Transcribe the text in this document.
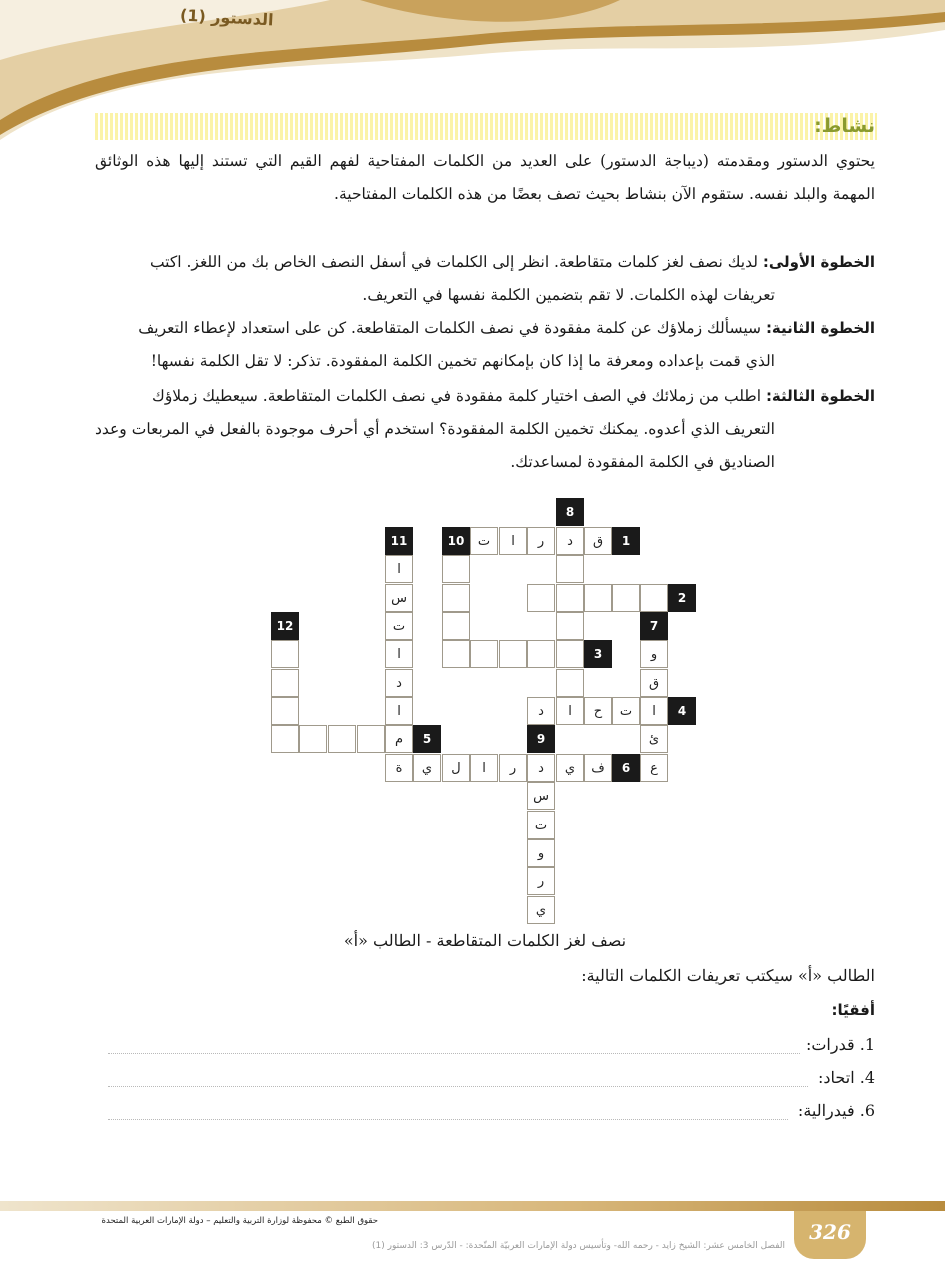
الدستور (1)
نشاط:
يحتوي الدستور ومقدمته (ديباجة الدستور) على العديد من الكلمات المفتاحية لفهم القيم التي تستند إليها هذه الوثائق المهمة والبلد نفسه. ستقوم الآن بنشاط بحيث تصف بعضًا من هذه الكلمات المفتاحية.
الخطوة الأولى: لديك نصف لغز كلمات متقاطعة. انظر إلى الكلمات في أسفل النصف الخاص بك من اللغز. اكتب
تعريفات لهذه الكلمات. لا تقم بتضمين الكلمة نفسها في التعريف.
الخطوة الثانية: سيسألك زملاؤك عن كلمة مفقودة في نصف الكلمات المتقاطعة. كن على استعداد لإعطاء التعريف
الذي قمت بإعداده ومعرفة ما إذا كان بإمكانهم تخمين الكلمة المفقودة. تذكر: لا تقل الكلمة نفسها!
الخطوة الثالثة: اطلب من زملائك في الصف اختيار كلمة مفقودة في نصف الكلمات المتقاطعة. سيعطيك زملاؤك
التعريف الذي أعدوه. يمكنك تخمين الكلمة المفقودة؟ استخدم أي أحرف موجودة بالفعل في المربعات وعدد الصناديق في الكلمة المفقودة لمساعدتك.
8
1
10
11
2
7
12
3
4
5	9
6
ق
د
ر
ا
ت
ا
س
ت
ا
د
ا
م
و
ق
ا
ئ
ع
ت
ح
ا
د
ف
ي
د
ر
ا
ل
ي
ة
س
ت
و
ر
ي
نصف لغز الكلمات المتقاطعة - الطالب «أ»
الطالب «أ» سيكتب تعريفات الكلمات التالية:
أفقيًا:
1. قدرات:
4. اتحاد:
6. فيدرالية:
326
حقوق الطبع © محفوظة لوزارة التربية والتعليم – دولة الإمارات العربية المتحدة
الفصل الخامس عشر: الشيخ زايد - رحمه الله- وتأسيس دولة الإمارات العربيّة المتّحدة: - الدّرس 3: الدستور (1)
